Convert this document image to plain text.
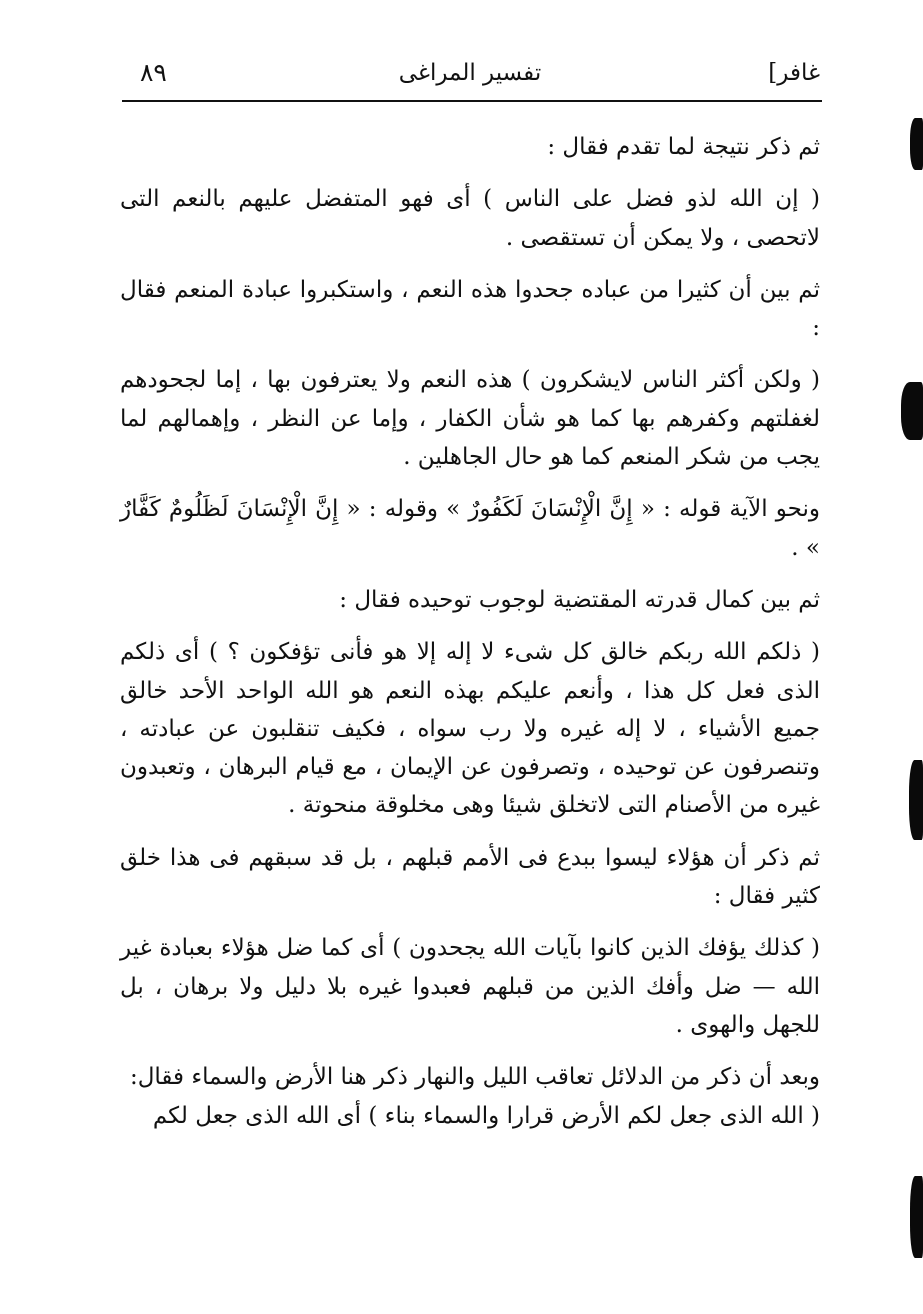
غافر]
تفسير المراغى
٨٩

ثم ذكر نتيجة لما تقدم فقال :

( إن الله لذو فضل على الناس ) أى فهو المتفضل عليهم بالنعم التى لاتحصى ، ولا يمكن أن تستقصى .

ثم بين أن كثيرا من عباده جحدوا هذه النعم ، واستكبروا عبادة المنعم فقال :

( ولكن أكثر الناس لايشكرون ) هذه النعم ولا يعترفون بها ، إما لجحودهم لغفلتهم وكفرهم بها كما هو شأن الكفار ، وإما عن النظر ، وإهمالهم لما يجب من شكر المنعم كما هو حال الجاهلين .

ونحو الآية قوله : « إِنَّ الْإِنْسَانَ لَكَفُورٌ » وقوله : « إِنَّ الْإِنْسَانَ لَظَلُومٌ كَفَّارٌ » .

ثم بين كمال قدرته المقتضية لوجوب توحيده فقال :

( ذلكم الله ربكم خالق كل شىء لا إله إلا هو فأنى تؤفكون ؟ ) أى ذلكم الذى فعل كل هذا ، وأنعم عليكم بهذه النعم هو الله الواحد الأحد خالق جميع الأشياء ، لا إله غيره ولا رب سواه ، فكيف تنقلبون عن عبادته ، وتنصرفون عن توحيده ، وتصرفون عن الإيمان ، مع قيام البرهان ، وتعبدون غيره من الأصنام التى لاتخلق شيئا وهى مخلوقة منحوتة .

ثم ذكر أن هؤلاء ليسوا ببدع فى الأمم قبلهم ، بل قد سبقهم فى هذا خلق كثير فقال :

( كذلك يؤفك الذين كانوا بآيات الله يجحدون ) أى كما ضل هؤلاء بعبادة غير الله — ضل وأفك الذين من قبلهم فعبدوا غيره بلا دليل ولا برهان ، بل للجهل والهوى .

وبعد أن ذكر من الدلائل تعاقب الليل والنهار ذكر هنا الأرض والسماء فقال:

( الله الذى جعل لكم الأرض قرارا والسماء بناء ) أى الله الذى جعل لكم
